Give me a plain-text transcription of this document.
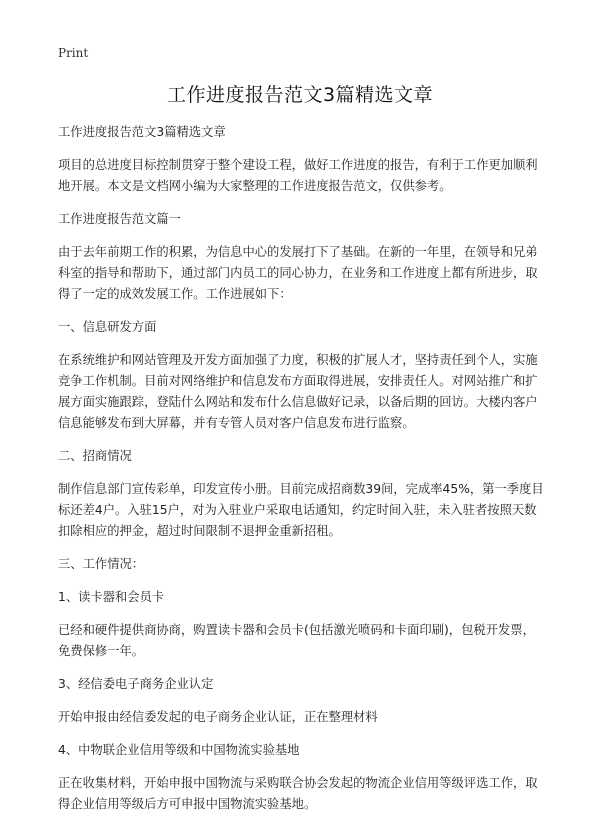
Print
工作进度报告范文3篇精选文章

工作进度报告范文3篇精选文章

项目的总进度目标控制贯穿于整个建设工程，做好工作进度的报告，有利于工作更加顺利地开展。本文是文档网小编为大家整理的工作进度报告范文，仅供参考。

工作进度报告范文篇一

由于去年前期工作的积累，为信息中心的发展打下了基础。在新的一年里，在领导和兄弟科室的指导和帮助下，通过部门内员工的同心协力，在业务和工作进度上都有所进步，取得了一定的成效发展工作。工作进展如下：

一、信息研发方面

在系统维护和网站管理及开发方面加强了力度，积极的扩展人才，坚持责任到个人，实施竞争工作机制。目前对网络维护和信息发布方面取得进展，安排责任人。对网站推广和扩展方面实施跟踪，登陆什么网站和发布什么信息做好记录，以备后期的回访。大楼内客户信息能够发布到大屏幕，并有专管人员对客户信息发布进行监察。

二、招商情况

制作信息部门宣传彩单，印发宣传小册。目前完成招商数39间，完成率45%，第一季度目标还差4户。入驻15户，对为入驻业户采取电话通知，约定时间入驻，未入驻者按照天数扣除相应的押金，超过时间限制不退押金重新招租。

三、工作情况：

1、读卡器和会员卡

已经和硬件提供商协商，购置读卡器和会员卡(包括激光喷码和卡面印刷)，包税开发票，免费保修一年。

3、经信委电子商务企业认定

开始申报由经信委发起的电子商务企业认证，正在整理材料

4、中物联企业信用等级和中国物流实验基地

正在收集材料，开始申报中国物流与采购联合协会发起的物流企业信用等级评选工作，取得企业信用等级后方可申报中国物流实验基地。
